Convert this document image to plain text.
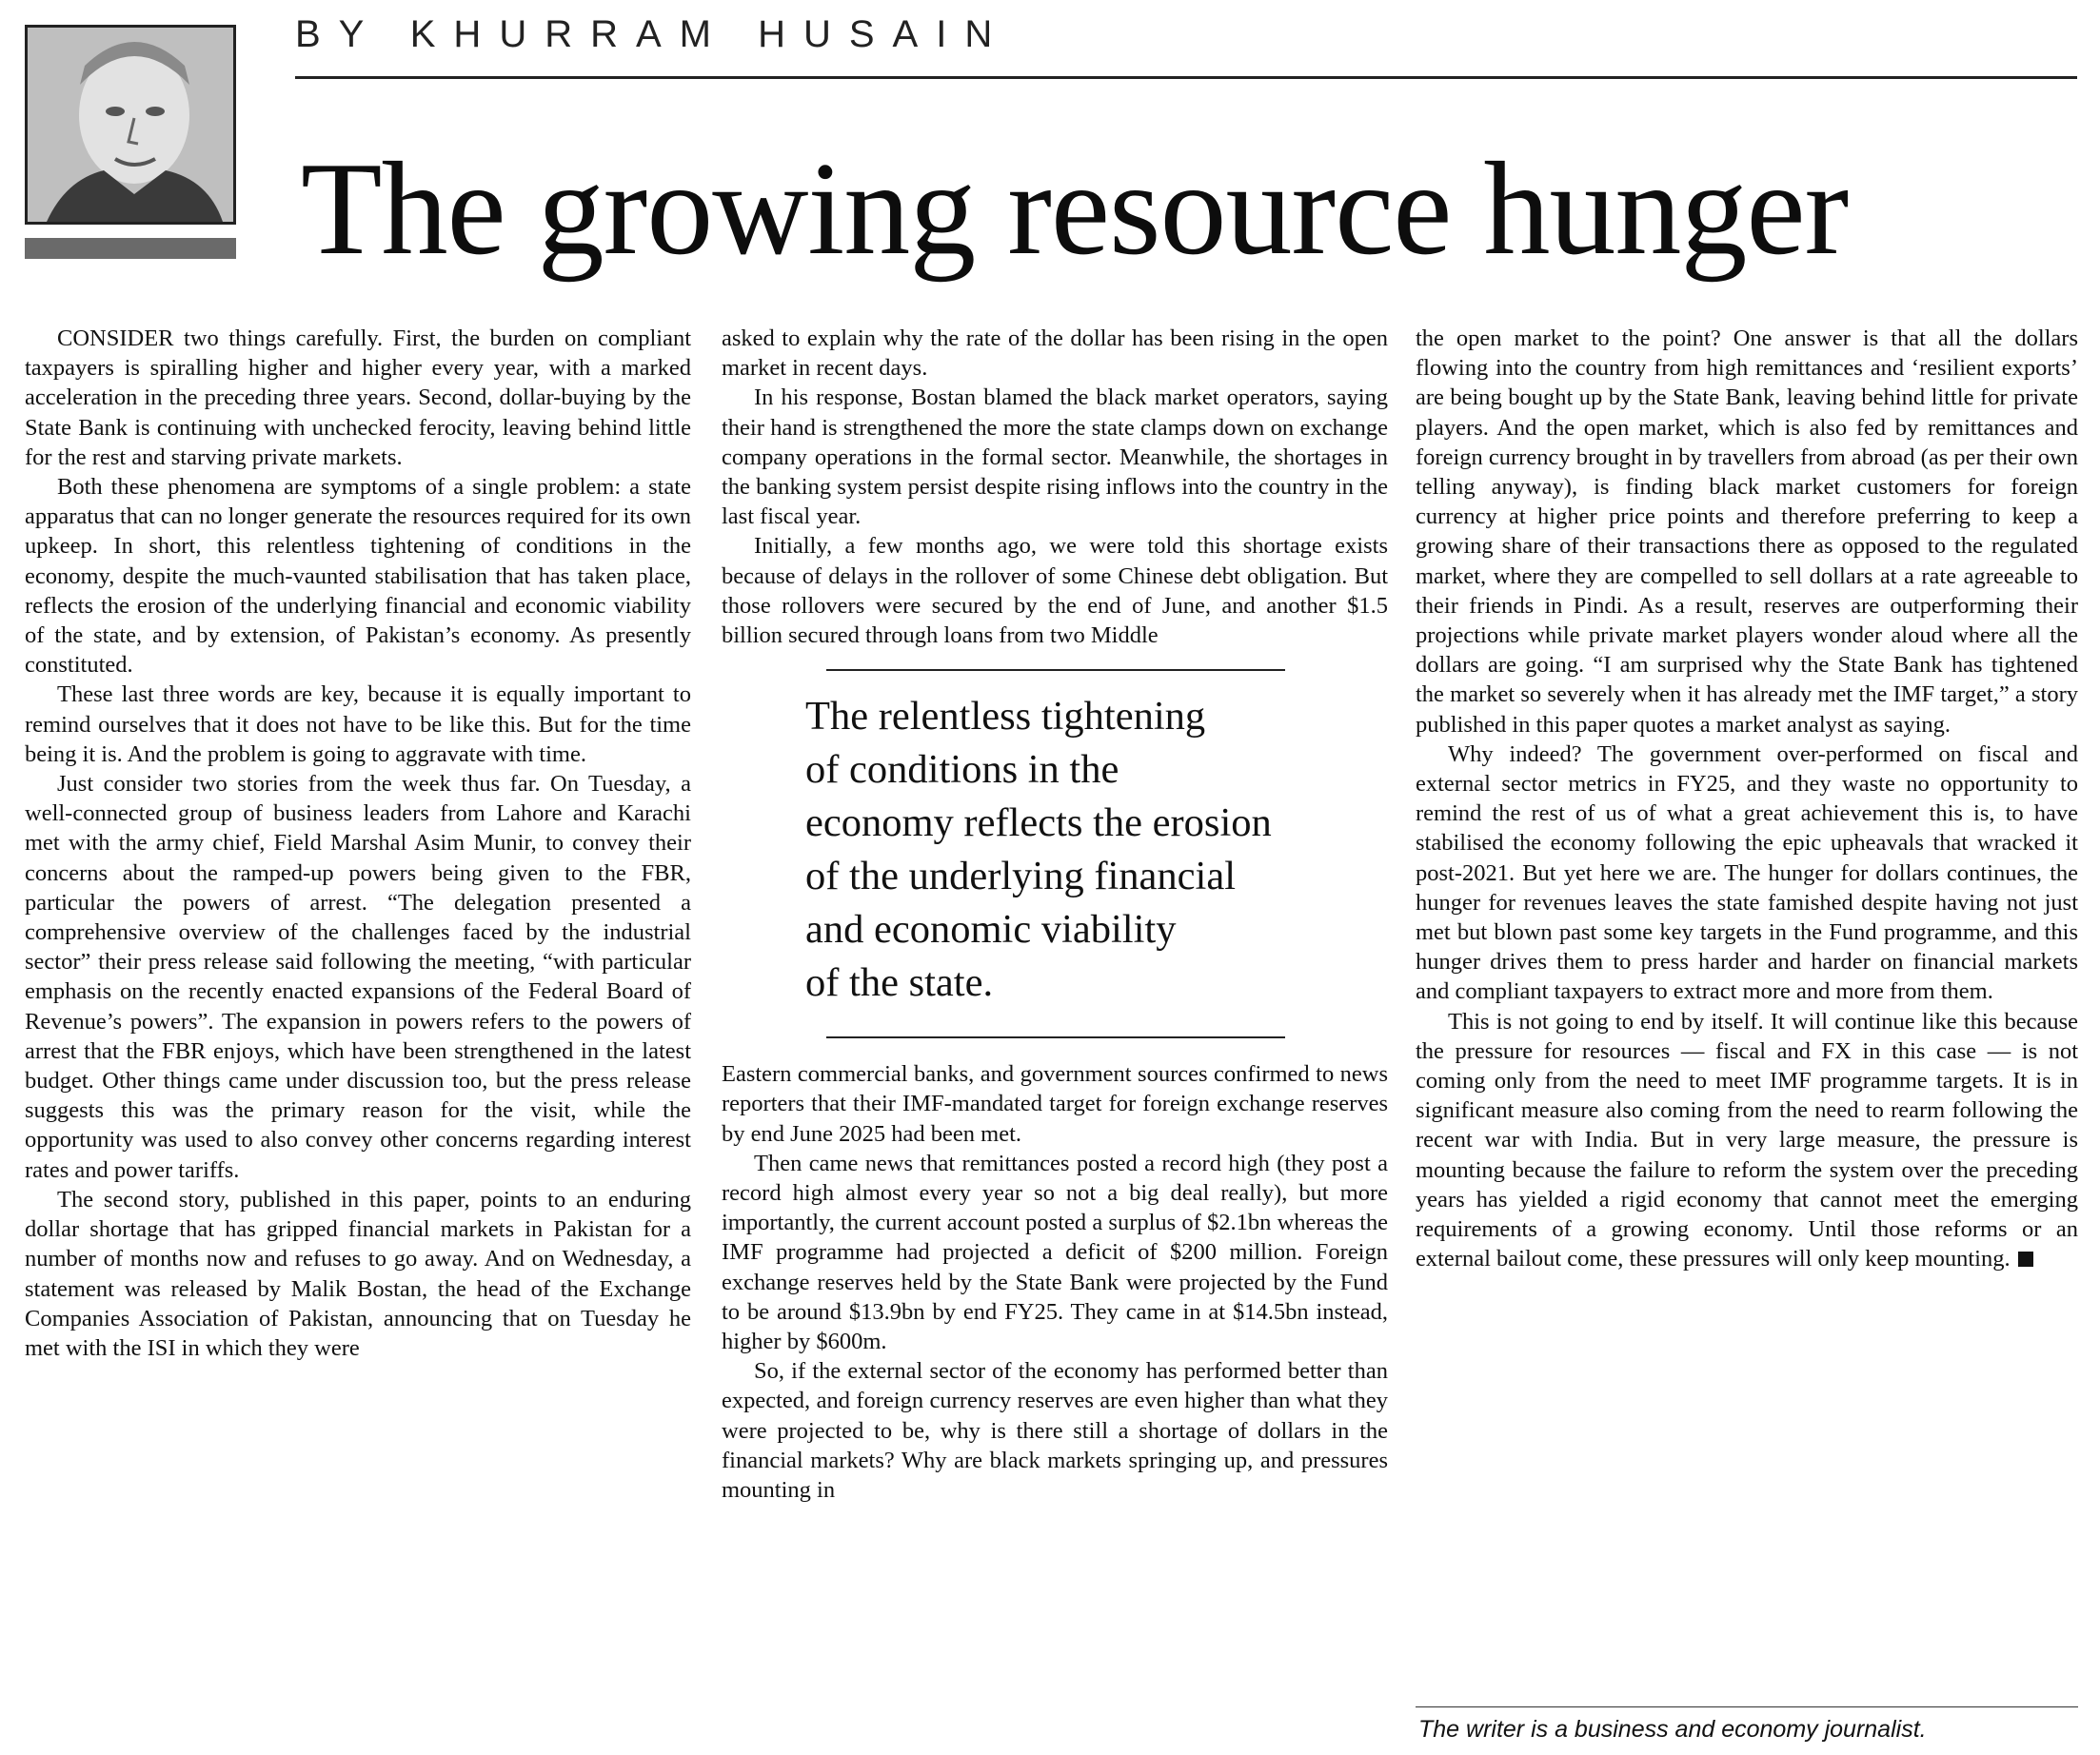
BY KHURRAM HUSAIN
The growing resource hunger

CONSIDER two things carefully. First, the burden on compliant taxpayers is spiralling higher and higher every year, with a marked acceleration in the preceding three years. Second, dollar-buying by the State Bank is continuing with unchecked ferocity, leaving behind little for the rest and starving private markets.

Both these phenomena are symptoms of a single problem: a state apparatus that can no longer generate the resources required for its own upkeep. In short, this relentless tightening of conditions in the economy, despite the much-vaunted stabilisation that has taken place, reflects the erosion of the underlying financial and economic viability of the state, and by extension, of Pakistan’s economy. As presently constituted.

These last three words are key, because it is equally important to remind ourselves that it does not have to be like this. But for the time being it is. And the problem is going to aggravate with time.

Just consider two stories from the week thus far. On Tuesday, a well-connected group of business leaders from Lahore and Karachi met with the army chief, Field Marshal Asim Munir, to convey their concerns about the ramped-up powers being given to the FBR, particular the powers of arrest. “The delegation presented a comprehensive overview of the challenges faced by the industrial sector” their press release said following the meeting, “with particular emphasis on the recently enacted expansions of the Federal Board of Revenue’s powers”. The expansion in powers refers to the powers of arrest that the FBR enjoys, which have been strengthened in the latest budget. Other things came under discussion too, but the press release suggests this was the primary reason for the visit, while the opportunity was used to also convey other concerns regarding interest rates and power tariffs.

The second story, published in this paper, points to an enduring dollar shortage that has gripped financial markets in Pakistan for a number of months now and refuses to go away. And on Wednesday, a statement was released by Malik Bostan, the head of the Exchange Companies Association of Pakistan, announcing that on Tuesday he met with the ISI in which they were

asked to explain why the rate of the dollar has been rising in the open market in recent days.

In his response, Bostan blamed the black market operators, saying their hand is strengthened the more the state clamps down on exchange company operations in the formal sector. Meanwhile, the shortages in the banking system persist despite rising inflows into the country in the last fiscal year.

Initially, a few months ago, we were told this shortage exists because of delays in the rollover of some Chinese debt obligation. But those rollovers were secured by the end of June, and another $1.5 billion secured through loans from two Middle

The relentless tightening
of conditions in the
economy reflects the erosion
of the underlying financial
and economic viability
of the state.

Eastern commercial banks, and government sources confirmed to news reporters that their IMF-mandated target for foreign exchange reserves by end June 2025 had been met.

Then came news that remittances posted a record high (they post a record high almost every year so not a big deal really), but more importantly, the current account posted a surplus of $2.1bn whereas the IMF programme had projected a deficit of $200 million. Foreign exchange reserves held by the State Bank were projected by the Fund to be around $13.9bn by end FY25. They came in at $14.5bn instead, higher by $600m.

So, if the external sector of the economy has performed better than expected, and foreign currency reserves are even higher than what they were projected to be, why is there still a shortage of dollars in the financial markets? Why are black markets springing up, and pressures mounting in

the open market to the point? One answer is that all the dollars flowing into the country from high remittances and ‘resilient exports’ are being bought up by the State Bank, leaving behind little for private players. And the open market, which is also fed by remittances and foreign currency brought in by travellers from abroad (as per their own telling anyway), is finding black market customers for foreign currency at higher price points and therefore preferring to keep a growing share of their transactions there as opposed to the regulated market, where they are compelled to sell dollars at a rate agreeable to their friends in Pindi. As a result, reserves are outperforming their projections while private market players wonder aloud where all the dollars are going. “I am surprised why the State Bank has tightened the market so severely when it has already met the IMF target,” a story published in this paper quotes a market analyst as saying.

Why indeed? The government over-performed on fiscal and external sector metrics in FY25, and they waste no opportunity to remind the rest of us of what a great achievement this is, to have stabilised the economy following the epic upheavals that wracked it post-2021. But yet here we are. The hunger for dollars continues, the hunger for revenues leaves the state famished despite having not just met but blown past some key targets in the Fund programme, and this hunger drives them to press harder and harder on financial markets and compliant taxpayers to extract more and more from them.

This is not going to end by itself. It will continue like this because the pressure for resources — fiscal and FX in this case — is not coming only from the need to meet IMF programme targets. It is in significant measure also coming from the need to rearm following the recent war with India. But in very large measure, the pressure is mounting because the failure to reform the system over the preceding years has yielded a rigid economy that cannot meet the emerging requirements of a growing economy. Until those reforms or an external bailout come, these pressures will only keep mounting.

The writer is a business and economy journalist.
